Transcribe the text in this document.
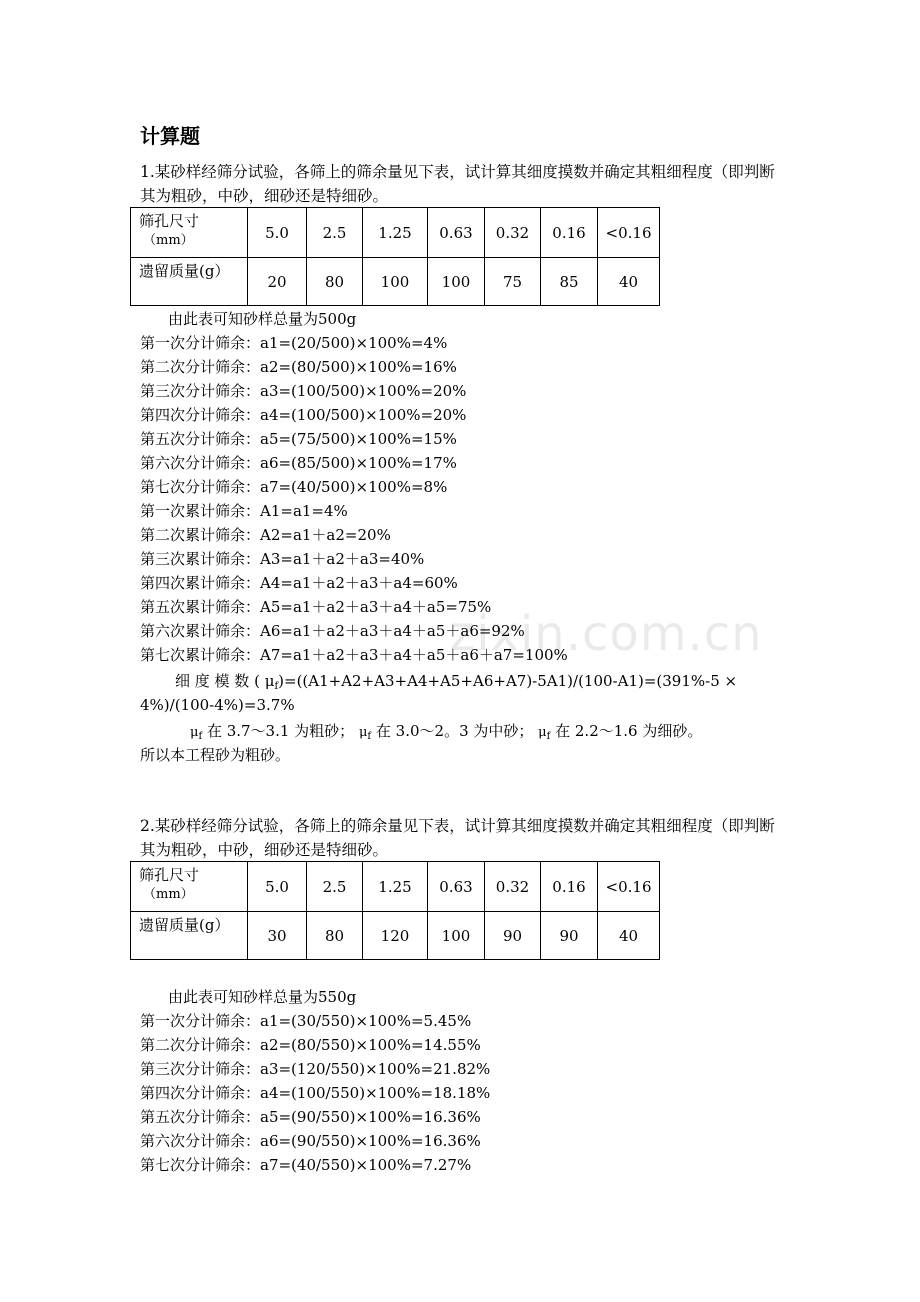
计算题
1.某砂样经筛分试验，各筛上的筛余量见下表，试计算其细度摸数并确定其粗细程度（即判断其为粗砂，中砂，细砂还是特细砂。
筛孔尺寸
（mm）	5.0	2.5	1.25	0.63	0.32	0.16	<0.16

遗留质量(g）	20	80	100	100	75	85	40
由此表可知砂样总量为500g
第一次分计筛余：a1=(20/500)×100%=4%
第二次分计筛余：a2=(80/500)×100%=16%
第三次分计筛余：a3=(100/500)×100%=20%
第四次分计筛余：a4=(100/500)×100%=20%
第五次分计筛余：a5=(75/500)×100%=15%
第六次分计筛余：a6=(85/500)×100%=17%
第七次分计筛余：a7=(40/500)×100%=8%
第一次累计筛余：A1=a1=4%
第二次累计筛余：A2=a1＋a2=20%
第三次累计筛余：A3=a1＋a2＋a3=40%
第四次累计筛余：A4=a1＋a2＋a3＋a4=60%
第五次累计筛余：A5=a1＋a2＋a3＋a4＋a5=75%
第六次累计筛余：A6=a1＋a2＋a3＋a4＋a5＋a6=92%
第七次累计筛余：A7=a1＋a2＋a3＋a4＋a5＋a6＋a7=100%
细 度 模 数 ( $\mu_f)=((A1+A2+A3+A4+A5+A6+A7)-5A1)/(100-A1)=(391\%-5$ ×
4%)/(100-4%)=3.7%
$\mu_f$ 在 3.7～3.1 为粗砂； $\mu_f$ 在 3.0～2。3 为中砂； $\mu_f$ 在 2.2～1.6 为细砂。
所以本工程砂为粗砂。
2.某砂样经筛分试验，各筛上的筛余量见下表，试计算其细度摸数并确定其粗细程度（即判断其为粗砂，中砂，细砂还是特细砂。
筛孔尺寸
（mm）	5.0	2.5	1.25	0.63	0.32	0.16	<0.16

遗留质量(g）	30	80	120	100	90	90	40
由此表可知砂样总量为550g
第一次分计筛余：a1=(30/550)×100%=5.45%
第二次分计筛余：a2=(80/550)×100%=14.55%
第三次分计筛余：a3=(120/550)×100%=21.82%
第四次分计筛余：a4=(100/550)×100%=18.18%
第五次分计筛余：a5=(90/550)×100%=16.36%
第六次分计筛余：a6=(90/550)×100%=16.36%
第七次分计筛余：a7=(40/550)×100%=7.27%
zixin.com.cn
